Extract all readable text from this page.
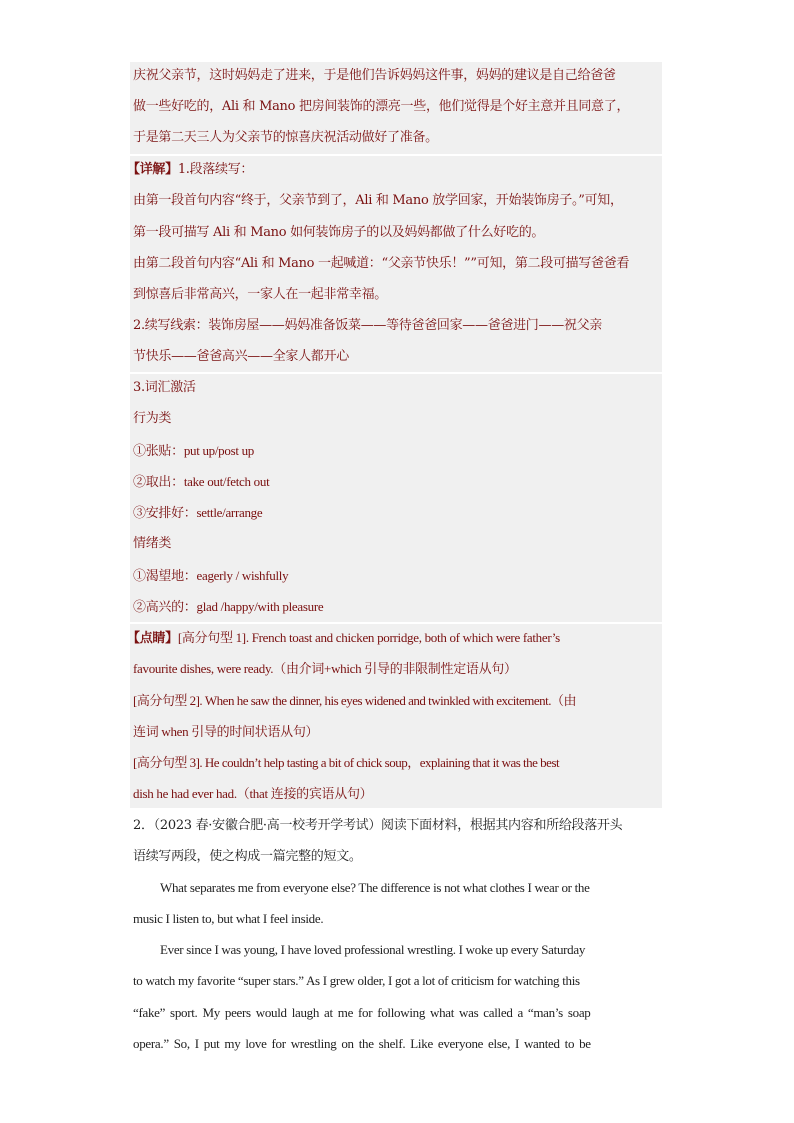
庆祝父亲节，这时妈妈走了进来，于是他们告诉妈妈这件事，妈妈的建议是自己给爸爸
做一些好吃的，Ali 和 Mano 把房间装饰的漂亮一些，他们觉得是个好主意并且同意了，
于是第二天三人为父亲节的惊喜庆祝活动做好了准备。
【详解】1.段落续写：
由第一段首句内容“终于，父亲节到了，Ali 和 Mano 放学回家，开始装饰房子。”可知，
第一段可描写 Ali 和 Mano 如何装饰房子的以及妈妈都做了什么好吃的。
由第二段首句内容“Ali 和 Mano 一起喊道：“父亲节快乐！””可知，第二段可描写爸爸看
到惊喜后非常高兴，一家人在一起非常幸福。
2.续写线索：装饰房屋——妈妈准备饭菜——等待爸爸回家——爸爸进门——祝父亲
节快乐——爸爸高兴——全家人都开心
3.词汇激活
行为类
①张贴：put up/post up
②取出：take out/fetch out
③安排好：settle/arrange
情绪类
①渴望地：eagerly / wishfully
②高兴的：glad /happy/with pleasure
【点睛】[高分句型 1]. French toast and chicken porridge, both of which were father’s
favourite dishes, were ready.（由介词+which 引导的非限制性定语从句）
[高分句型 2]. When he saw the dinner, his eyes widened and twinkled with excitement.（由
连词 when 引导的时间状语从句）
[高分句型 3]. He couldn’t help tasting a bit of chick soup，explaining that it was the best
dish he had ever had.（that 连接的宾语从句）
2．（2023 春·安徽合肥·高一校考开学考试）阅读下面材料，根据其内容和所给段落开头
语续写两段，使之构成一篇完整的短文。
What separates me from everyone else? The difference is not what clothes I wear or the
music I listen to, but what I feel inside.
Ever since I was young, I have loved professional wrestling. I woke up every Saturday
to watch my favorite “super stars.” As I grew older, I got a lot of criticism for watching this
“fake” sport. My peers would laugh at me for following what was called a “man’s soap
opera.” So, I put my love for wrestling on the shelf. Like everyone else, I wanted to be
